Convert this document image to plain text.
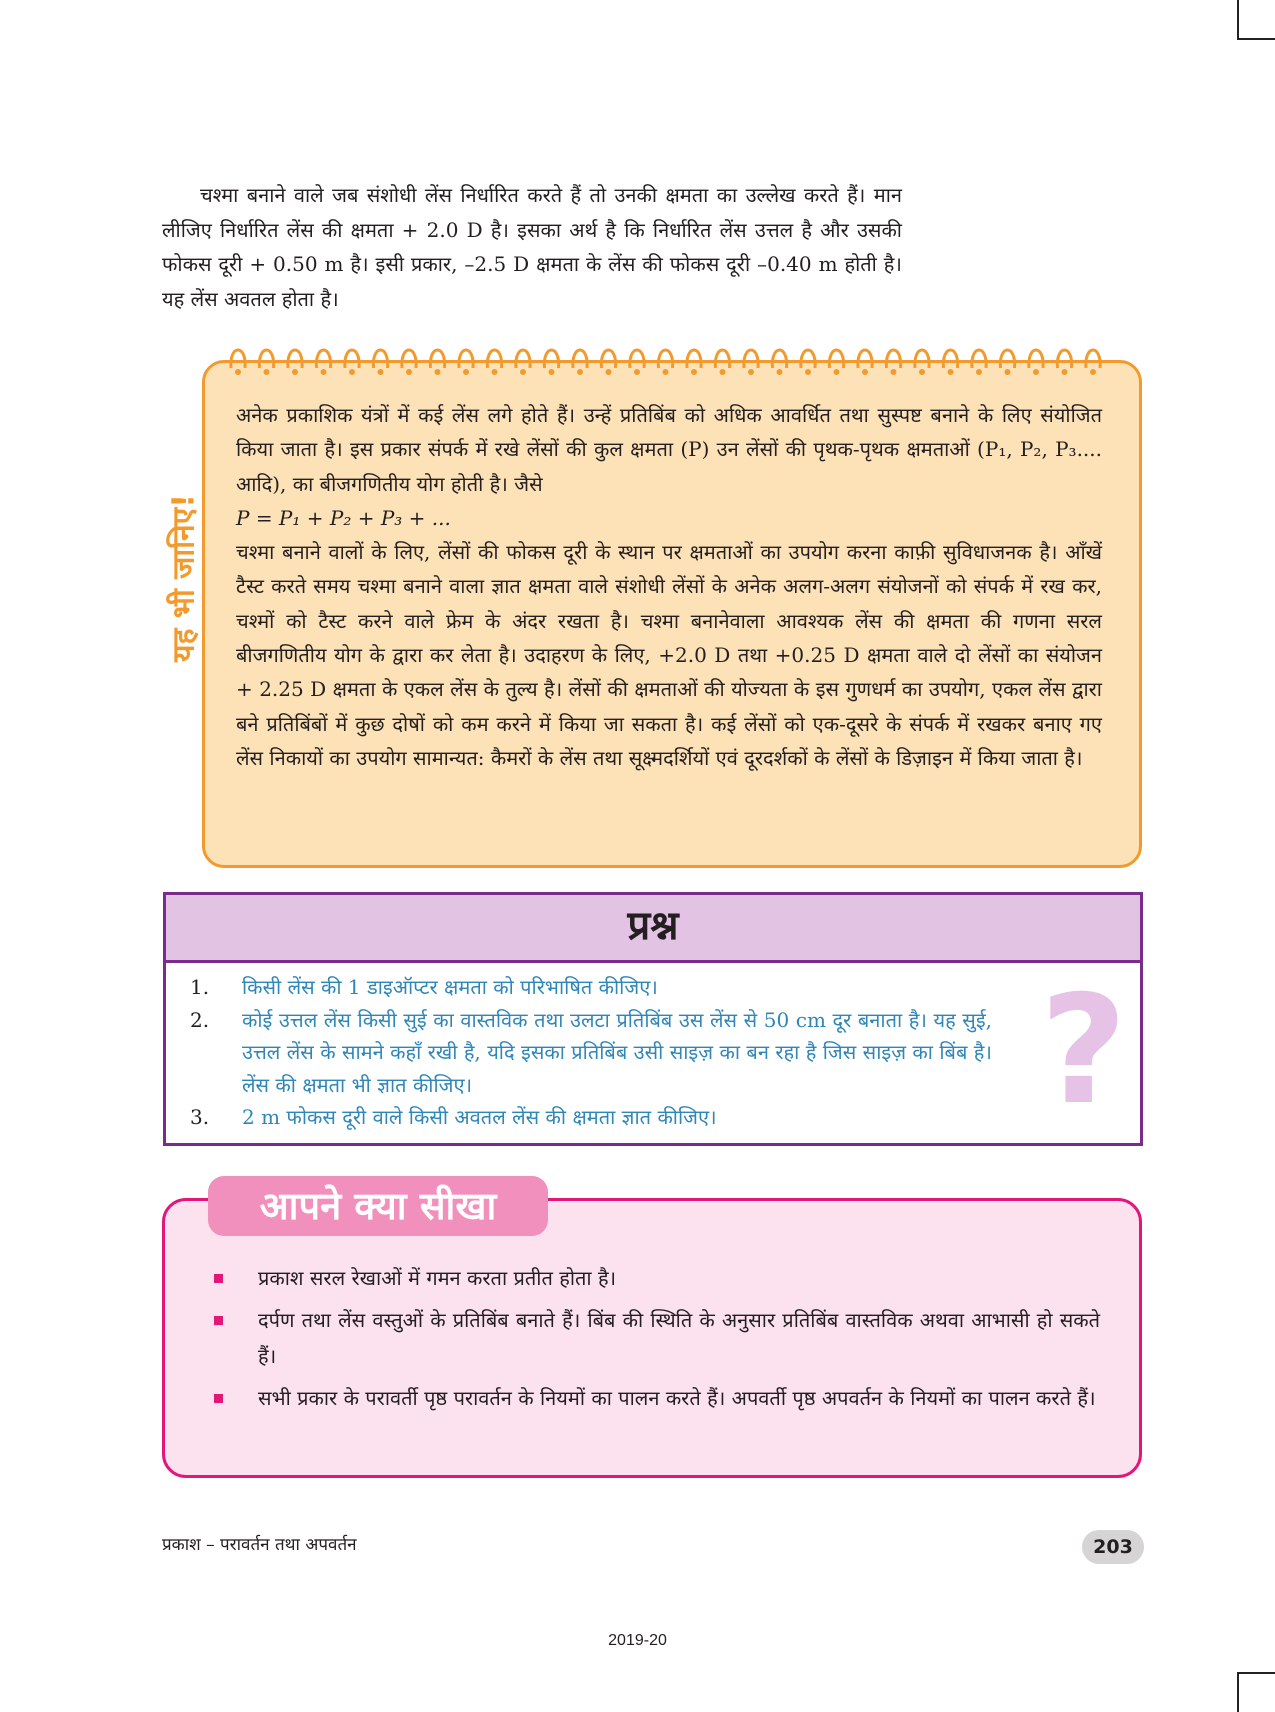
चश्मा बनाने वाले जब संशोधी लेंस निर्धारित करते हैं तो उनकी क्षमता का उल्लेख करते हैं। मान लीजिए निर्धारित लेंस की क्षमता + 2.0 D है। इसका अर्थ है कि निर्धारित लेंस उत्तल है और उसकी फोकस दूरी + 0.50 m है। इसी प्रकार, –2.5 D क्षमता के लेंस की फोकस दूरी –0.40 m होती है। यह लेंस अवतल होता है।

यह भी जानिए!

अनेक प्रकाशिक यंत्रों में कई लेंस लगे होते हैं। उन्हें प्रतिबिंब को अधिक आवर्धित तथा सुस्पष्ट बनाने के लिए संयोजित किया जाता है। इस प्रकार संपर्क में रखे लेंसों की कुल क्षमता (P) उन लेंसों की पृथक-पृथक क्षमताओं (P₁, P₂, P₃.... आदि), का बीजगणितीय योग होती है। जैसे

P = P₁ + P₂ + P₃ + ...

चश्मा बनाने वालों के लिए, लेंसों की फोकस दूरी के स्थान पर क्षमताओं का उपयोग करना काफ़ी सुविधाजनक है। आँखें टैस्ट करते समय चश्मा बनाने वाला ज्ञात क्षमता वाले संशोधी लेंसों के अनेक अलग-अलग संयोजनों को संपर्क में रख कर, चश्मों को टैस्ट करने वाले फ्रेम के अंदर रखता है। चश्मा बनानेवाला आवश्यक लेंस की क्षमता की गणना सरल बीजगणितीय योग के द्वारा कर लेता है। उदाहरण के लिए, +2.0 D तथा +0.25 D क्षमता वाले दो लेंसों का संयोजन + 2.25 D क्षमता के एकल लेंस के तुल्य है। लेंसों की क्षमताओं की योज्यता के इस गुणधर्म का उपयोग, एकल लेंस द्वारा बने प्रतिबिंबों में कुछ दोषों को कम करने में किया जा सकता है। कई लेंसों को एक-दूसरे के संपर्क में रखकर बनाए गए लेंस निकायों का उपयोग सामान्यत: कैमरों के लेंस तथा सूक्ष्मदर्शियों एवं दूरदर्शकों के लेंसों के डिज़ाइन में किया जाता है।

प्रश्न
1. किसी लेंस की 1 डाइऑप्टर क्षमता को परिभाषित कीजिए।
2. कोई उत्तल लेंस किसी सुई का वास्तविक तथा उलटा प्रतिबिंब उस लेंस से 50 cm दूर बनाता है। यह सुई, उत्तल लेंस के सामने कहाँ रखी है, यदि इसका प्रतिबिंब उसी साइज़ का बन रहा है जिस साइज़ का बिंब है। लेंस की क्षमता भी ज्ञात कीजिए।
3. 2 m फोकस दूरी वाले किसी अवतल लेंस की क्षमता ज्ञात कीजिए।	?
आपने क्या सीखा
प्रकाश सरल रेखाओं में गमन करता प्रतीत होता है।
दर्पण तथा लेंस वस्तुओं के प्रतिबिंब बनाते हैं। बिंब की स्थिति के अनुसार प्रतिबिंब वास्तविक अथवा आभासी हो सकते हैं।
सभी प्रकार के परावर्ती पृष्ठ परावर्तन के नियमों का पालन करते हैं। अपवर्ती पृष्ठ अपवर्तन के नियमों का पालन करते हैं।
प्रकाश – परावर्तन तथा अपवर्तन	203
2019-20
